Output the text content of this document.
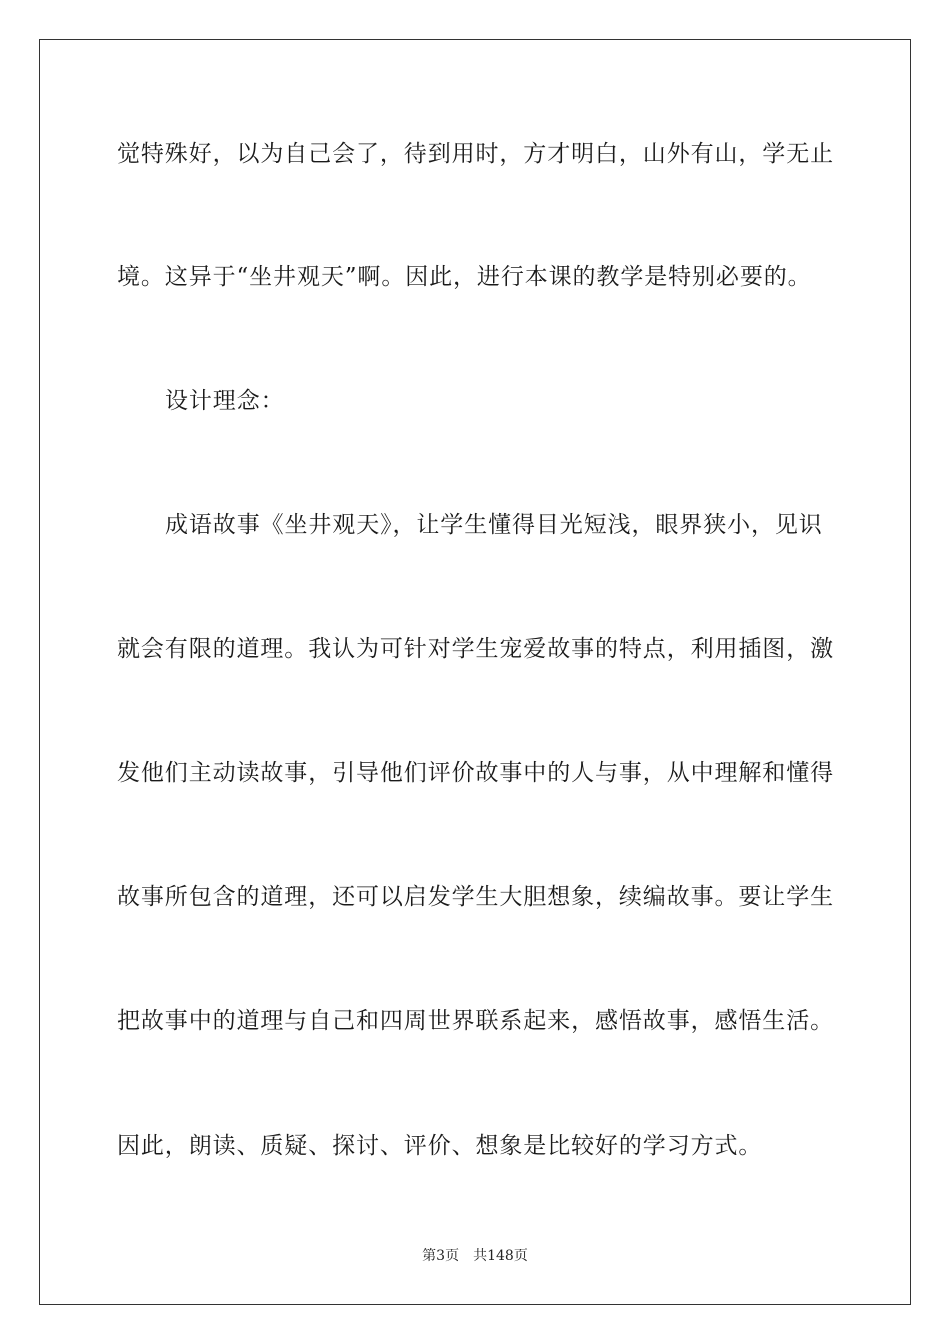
觉特殊好，以为自己会了，待到用时，方才明白，山外有山，学无止
境。这异于“坐井观天”啊。因此，进行本课的教学是特别必要的。
设计理念：
成语故事《坐井观天》，让学生懂得目光短浅，眼界狭小，见识
就会有限的道理。我认为可针对学生宠爱故事的特点，利用插图，激
发他们主动读故事，引导他们评价故事中的人与事，从中理解和懂得
故事所包含的道理，还可以启发学生大胆想象，续编故事。要让学生
把故事中的道理与自己和四周世界联系起来，感悟故事，感悟生活。
因此，朗读、质疑、探讨、评价、想象是比较好的学习方式。
第3页 共148页
